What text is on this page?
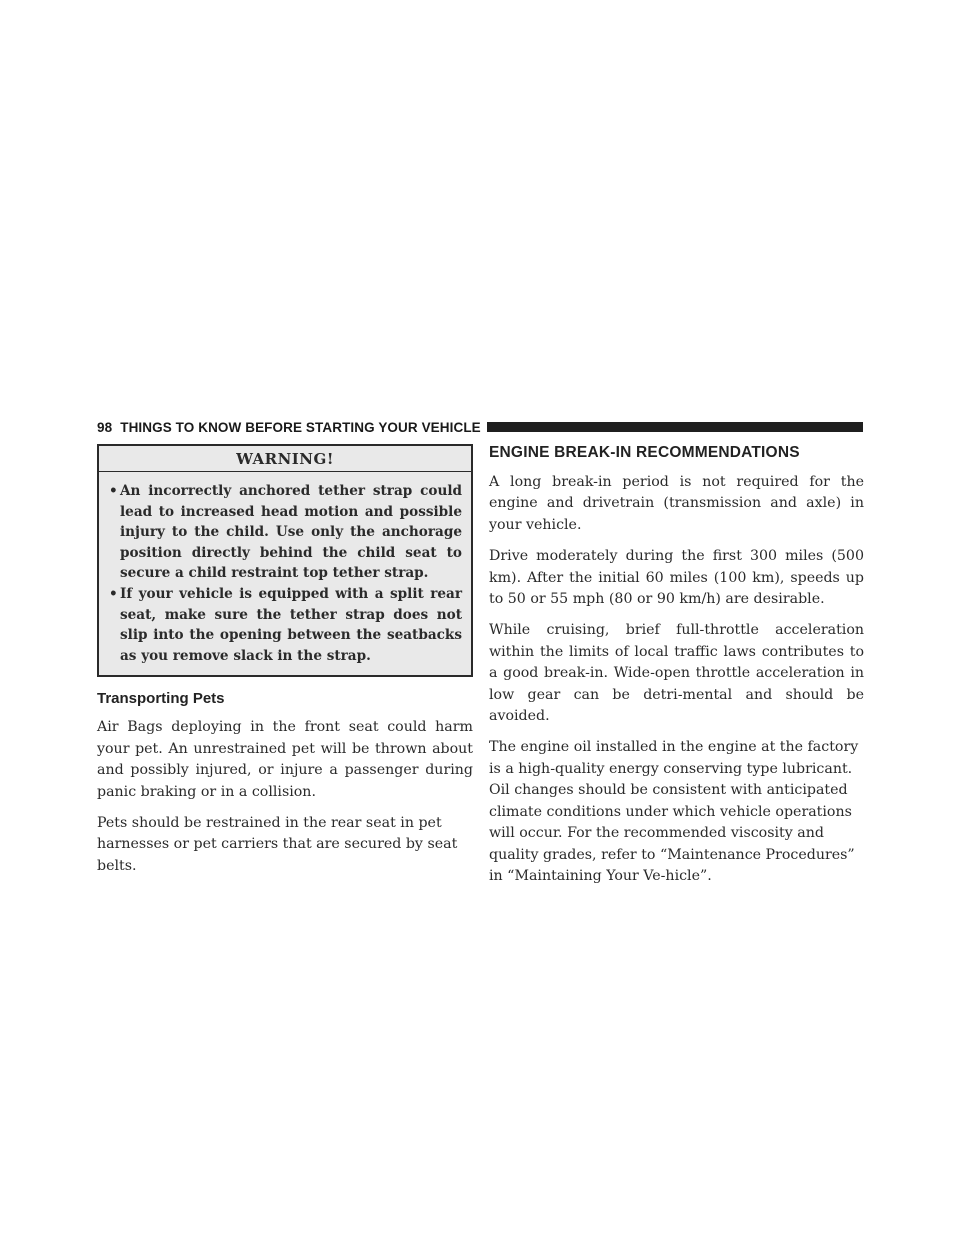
98 THINGS TO KNOW BEFORE STARTING YOUR VEHICLE
WARNING!
• An incorrectly anchored tether strap could lead to increased head motion and possible injury to the child. Use only the anchorage position directly behind the child seat to secure a child restraint top tether strap.
• If your vehicle is equipped with a split rear seat, make sure the tether strap does not slip into the opening between the seatbacks as you remove slack in the strap.
Transporting Pets

Air Bags deploying in the front seat could harm your pet. An unrestrained pet will be thrown about and possibly injured, or injure a passenger during panic braking or in a collision.

Pets should be restrained in the rear seat in pet harnesses or pet carriers that are secured by seat belts.

ENGINE BREAK-IN RECOMMENDATIONS

A long break-in period is not required for the engine and drivetrain (transmission and axle) in your vehicle.

Drive moderately during the first 300 miles (500 km). After the initial 60 miles (100 km), speeds up to 50 or 55 mph (80 or 90 km/h) are desirable.

While cruising, brief full-throttle acceleration within the limits of local traffic laws contributes to a good break-in. Wide-open throttle acceleration in low gear can be detri-mental and should be avoided.

The engine oil installed in the engine at the factory is a high-quality energy conserving type lubricant. Oil changes should be consistent with anticipated climate conditions under which vehicle operations will occur. For the recommended viscosity and quality grades, refer to “Maintenance Procedures” in “Maintaining Your Ve-hicle”.
